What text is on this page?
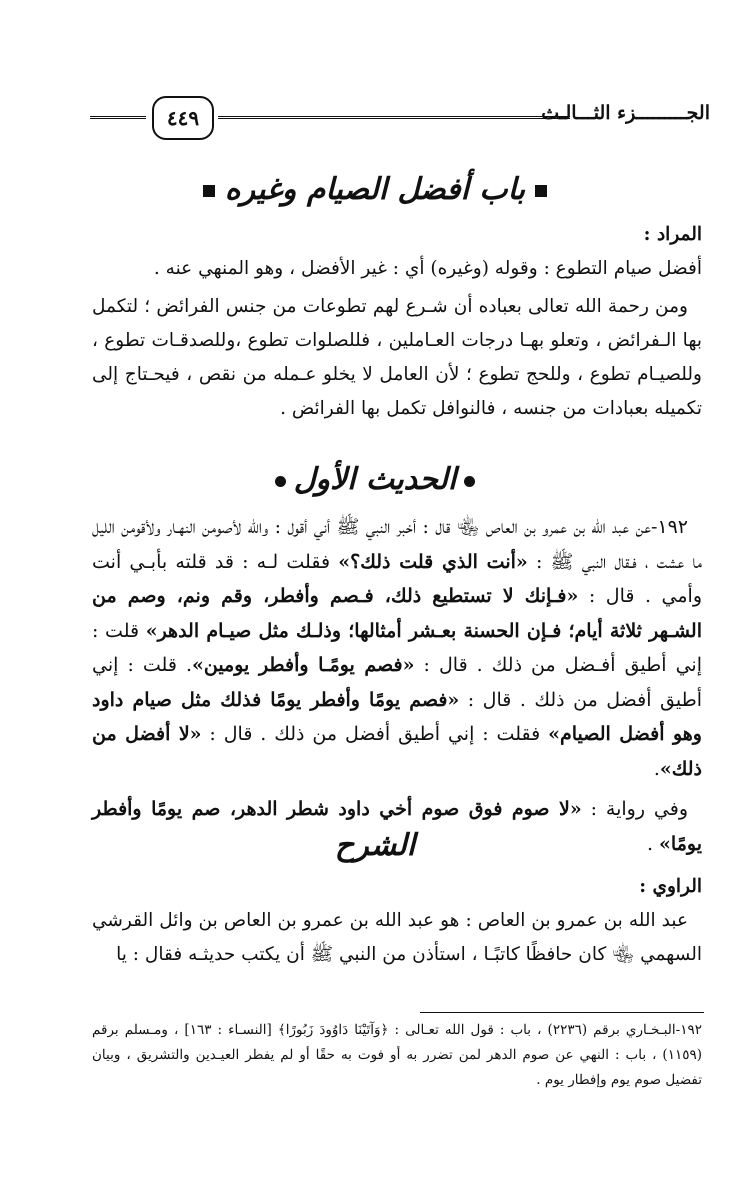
الجـــــــــزء الثـــالـث
٤٤٩
باب أفضل الصيام وغيره

المراد :

أفضل صيام التطوع : وقوله (وغيره) أي : غير الأفضل ، وهو المنهي عنه .

ومن رحمة الله تعالى بعباده أن شـرع لهم تطوعات من جنس الفرائض ؛ لتكمل بها الـفرائض ، وتعلو بهـا درجات العـاملين ، فللصلوات تطوع ،وللصدقـات تطوع ، وللصيـام تطوع ، وللحج تطوع ؛ لأن العامل لا يخلو عـمله من نقص ، فيحـتاج إلى تكميله بعبادات من جنسه ، فالنوافل تكمل بها الفرائض .

الحديث الأول

١٩٢-عن عبد الله بن عمرو بن العاص ﵄ قال : أخبر النبي ﷺ أني أقول : والله لأصومن النهـار ولأقومن الليل ما عشت ، فـقال النبي ﷺ : «أنت الذي قلت ذلك؟» فقلت لـه : قد قلته بأبـي أنت وأمي . قال : «فـإنك لا تستطيع ذلك، فـصم وأفطر، وقم ونم، وصم من الشـهر ثلاثة أيام؛ فـإن الحسنة بعـشر أمثالها؛ وذلـك مثل صيـام الدهر» قلت : إني أطيق أفـضل من ذلك . قال : «فصم يومًـا وأفطر يومين». قلت : إني أطيق أفضل من ذلك . قال : «فصم يومًا وأفطر يومًا فذلك مثل صيام داود وهو أفضل الصيام» فقلت : إني أطيق أفضل من ذلك . قال : «لا أفضل من ذلك».

وفي رواية : «لا صوم فوق صوم أخي داود شطر الدهر، صم يومًا وأفطر يومًا» .

الشرح

الراوي :

عبد الله بن عمرو بن العاص : هو عبد الله بن عمرو بن العاص بن وائل القرشي السهمي ﵄ كان حافظًا كاتبًـا ، استأذن من النبي ﷺ أن يكتب حديثـه فقال : يا

١٩٢-البـخـاري برقم (٢٢٣٦) ، باب : قول الله تعـالى : ﴿وَآتَيْنَا دَاوُودَ زَبُورًا﴾ [النسـاء : ١٦٣] ، ومـسلم برقم (١١٥٩) ، باب : النهي عن صوم الدهر لمن تضرر به أو فوت به حقًا أو لم يفطر العيـدين والتشريق ، وبيان تفضيل صوم يوم وإفطار يوم .
